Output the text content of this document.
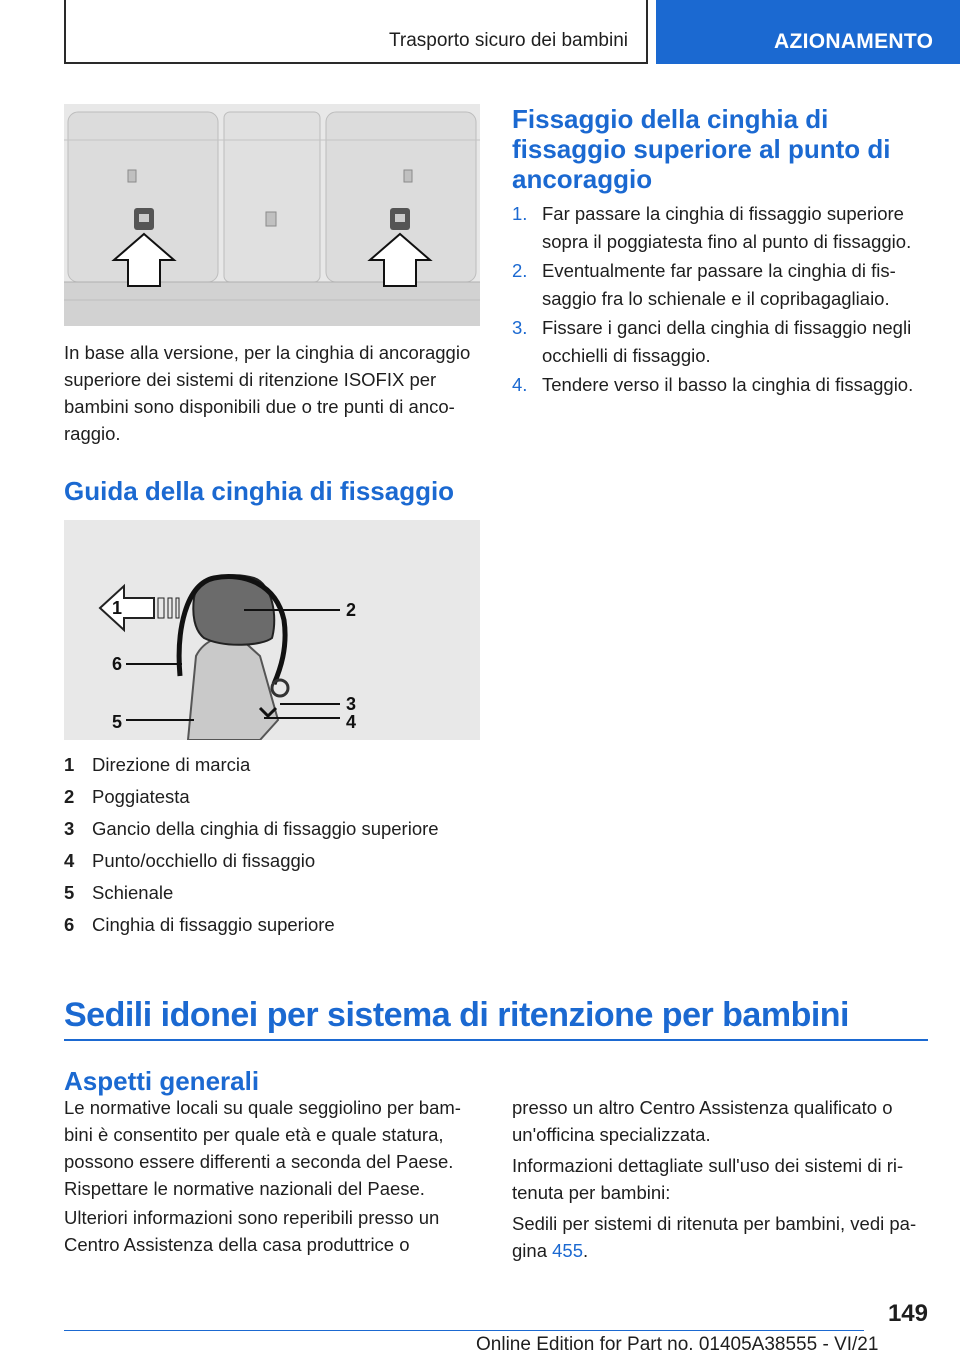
Trasporto sicuro dei bambini	AZIONAMENTO
In base alla versione, per la cinghia di ancoraggio superiore dei sistemi di ritenzione ISOFIX per bambini sono disponibili due o tre punti di anco-raggio.
Guida della cinghia di fissaggio
1	2
3
4
5
6
1 Direzione di marcia
2 Poggiatesta
3 Gancio della cinghia di fissaggio superiore
4 Punto/occhiello di fissaggio
5 Schienale
6 Cinghia di fissaggio superiore
Fissaggio della cinghia di fissaggio superiore al punto di ancoraggio
1. Far passare la cinghia di fissaggio superiore sopra il poggiatesta fino al punto di fissaggio.
2. Eventualmente far passare la cinghia di fis-saggio fra lo schienale e il copribagagliaio.
3. Fissare i ganci della cinghia di fissaggio negli occhielli di fissaggio.
4. Tendere verso il basso la cinghia di fissaggio.
Sedili idonei per sistema di ritenzione per bambini
Aspetti generali
Le normative locali su quale seggiolino per bam-bini è consentito per quale età e quale statura, possono essere differenti a seconda del Paese. Rispettare le normative nazionali del Paese.
Ulteriori informazioni sono reperibili presso un Centro Assistenza della casa produttrice o
presso un altro Centro Assistenza qualificato o un'officina specializzata.
Informazioni dettagliate sull'uso dei sistemi di ri-tenuta per bambini:
Sedili per sistemi di ritenuta per bambini, vedi pa-gina 455.
149
Online Edition for Part no. 01405A38555 - VI/21
